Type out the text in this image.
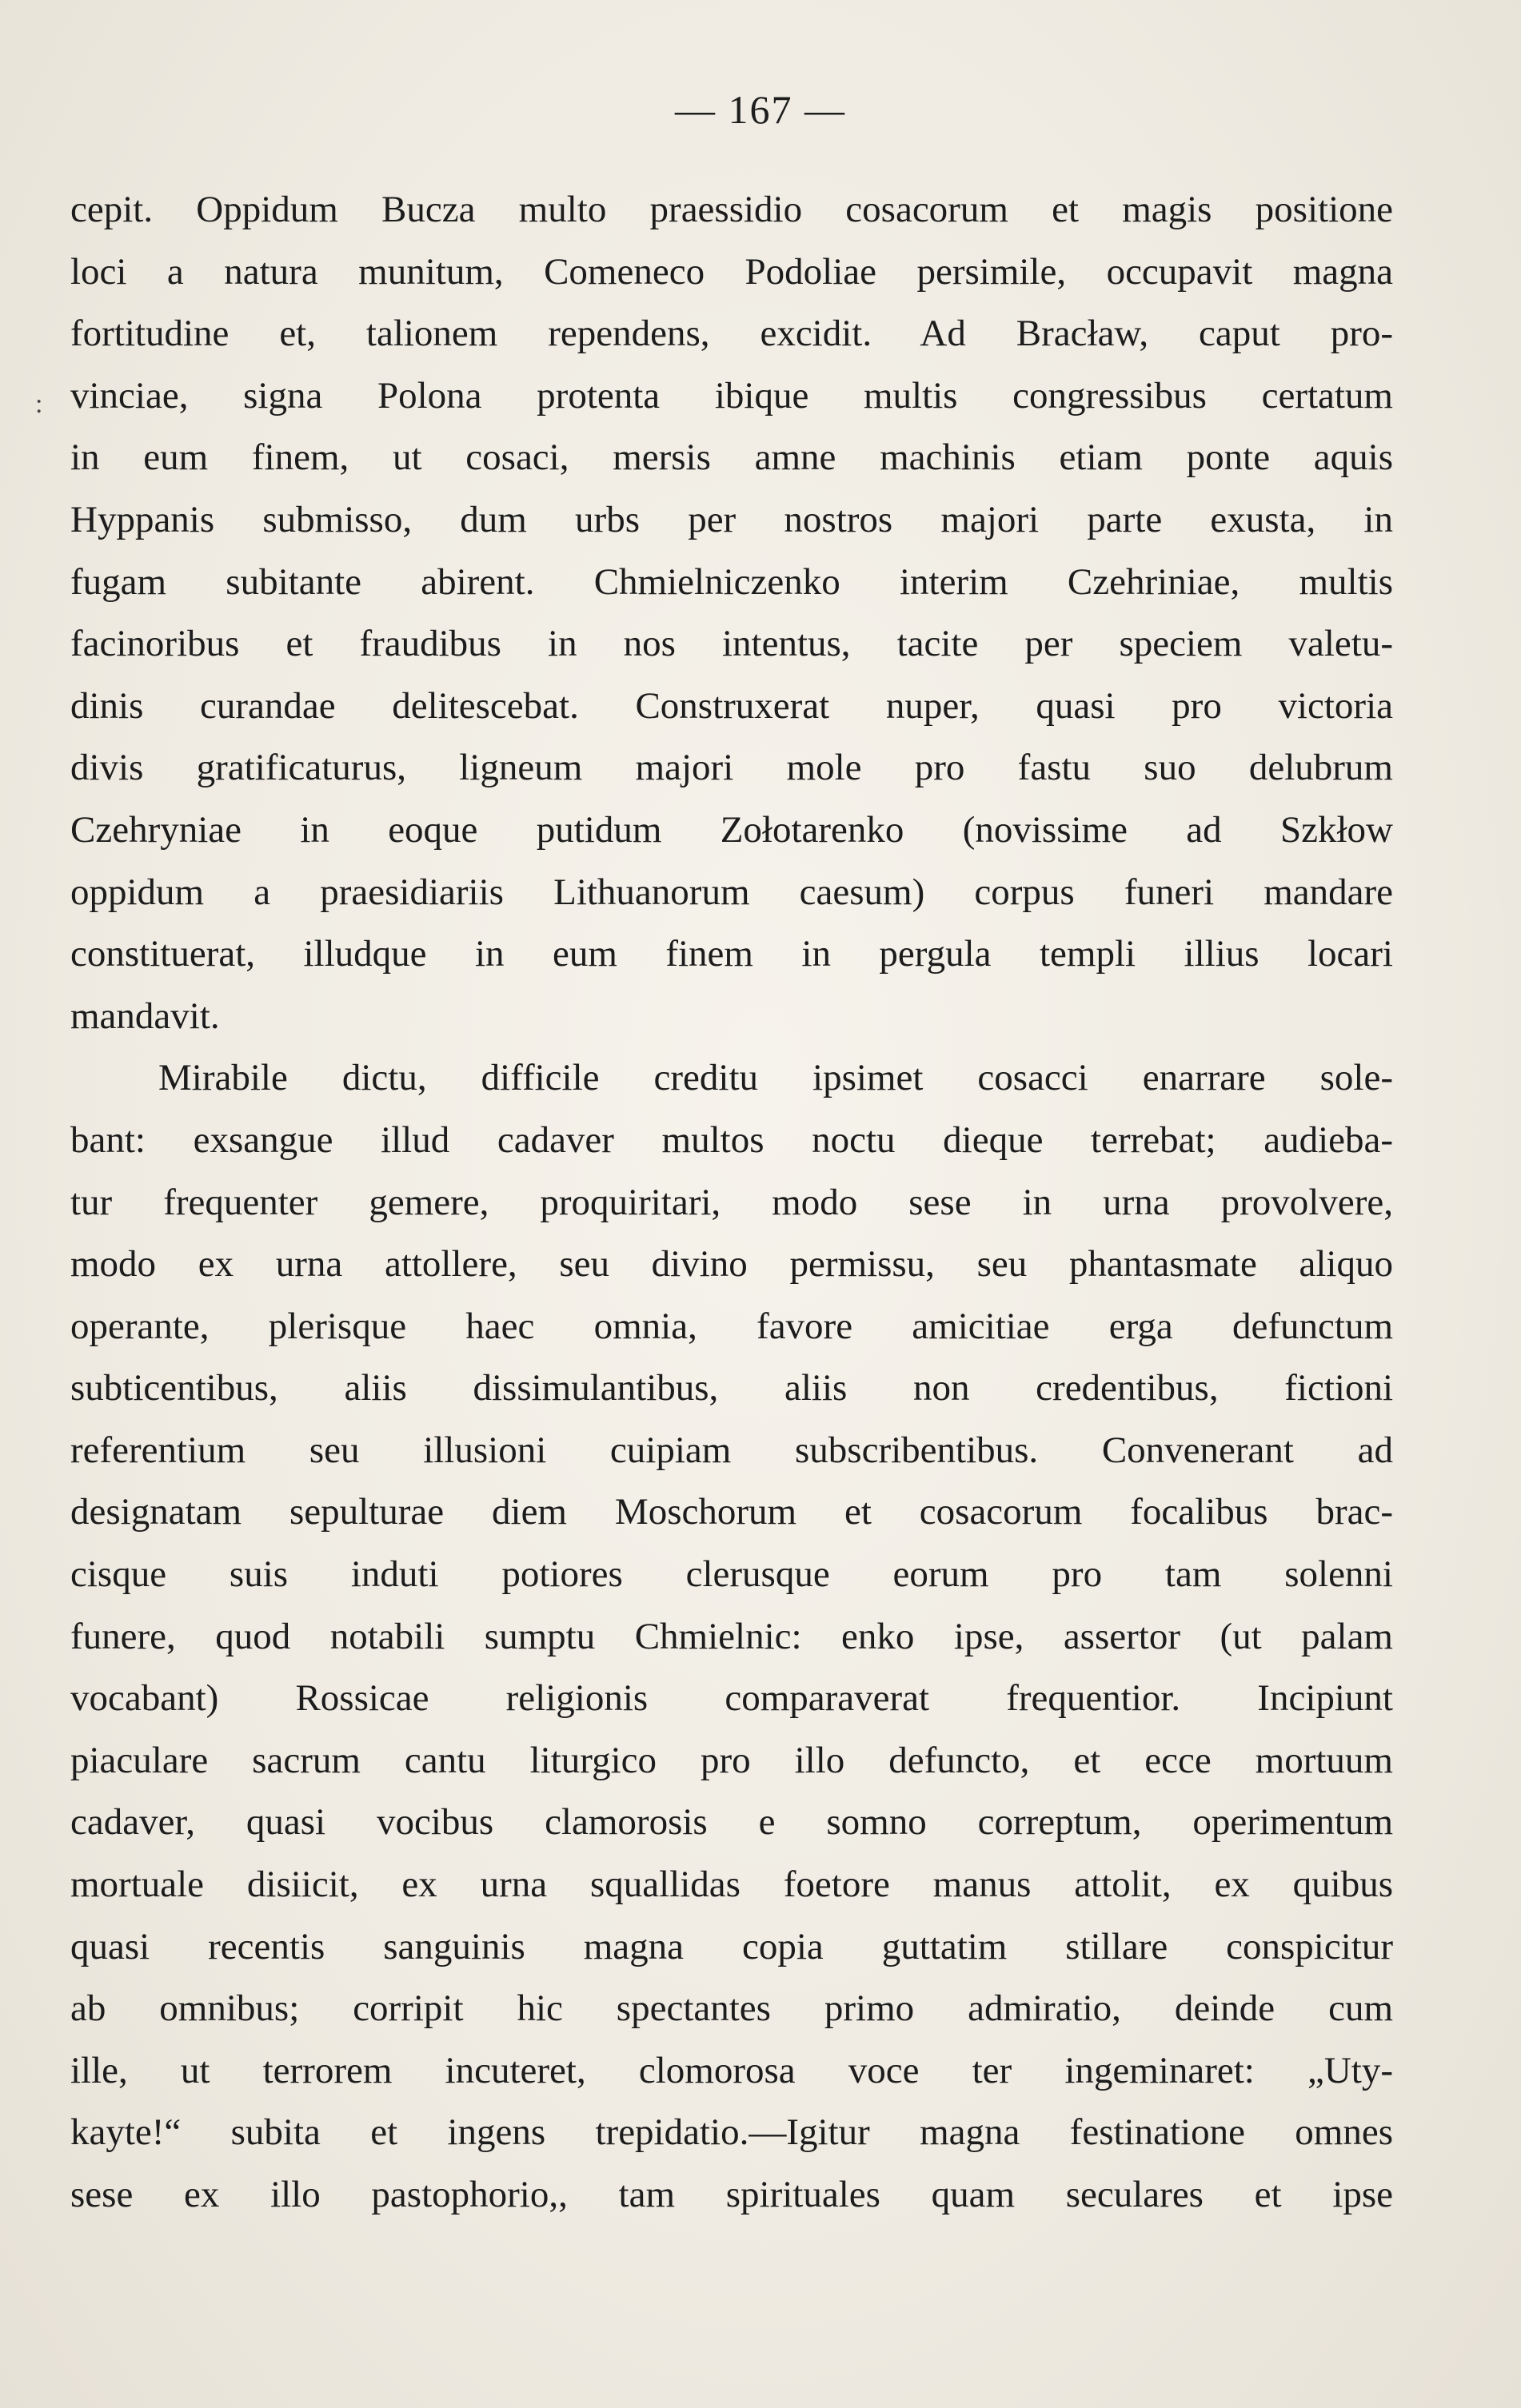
— 167 —
:
cepit. Oppidum Bucza multo praessidio cosacorum et magis positione
loci a natura munitum, Comeneco Podoliae persimile, occupavit magna
fortitudine et, talionem rependens, excidit. Ad Bracław, caput pro-
vinciae, signa Polona protenta ibique multis congressibus certatum
in eum finem, ut cosaci, mersis amne machinis etiam ponte aquis
Hyppanis submisso, dum urbs per nostros majori parte exusta, in
fugam subitante abirent. Chmielniczenko interim Czehriniae, multis
facinoribus et fraudibus in nos intentus, tacite per speciem valetu-
dinis curandae delitescebat. Construxerat nuper, quasi pro victoria
divis gratificaturus, ligneum majori mole pro fastu suo delubrum
Czehryniae in eoque putidum Zołotarenko (novissime ad Szkłow
oppidum a praesidiariis Lithuanorum caesum) corpus funeri mandare
constituerat, illudque in eum finem in pergula templi illius locari
mandavit.
Mirabile dictu, difficile creditu ipsimet cosacci enarrare sole-
bant: exsangue illud cadaver multos noctu dieque terrebat; audieba-
tur frequenter gemere, proquiritari, modo sese in urna provolvere,
modo ex urna attollere, seu divino permissu, seu phantasmate aliquo
operante, plerisque haec omnia, favore amicitiae erga defunctum
subticentibus, aliis dissimulantibus, aliis non credentibus, fictioni
referentium seu illusioni cuipiam subscribentibus. Convenerant ad
designatam sepulturae diem Moschorum et cosacorum focalibus brac-
cisque suis induti potiores clerusque eorum pro tam solenni
funere, quod notabili sumptu Chmielnic: enko ipse, assertor (ut palam
vocabant) Rossicae religionis comparaverat frequentior. Incipiunt
piaculare sacrum cantu liturgico pro illo defuncto, et ecce mortuum
cadaver, quasi vocibus clamorosis e somno correptum, operimentum
mortuale disiicit, ex urna squallidas foetore manus attolit, ex quibus
quasi recentis sanguinis magna copia guttatim stillare conspicitur
ab omnibus; corripit hic spectantes primo admiratio, deinde cum
ille, ut terrorem incuteret, clomorosa voce ter ingeminaret: „Uty-
kayte!“ subita et ingens trepidatio.—Igitur magna festinatione omnes
sese ex illo pastophorio,, tam spirituales quam seculares et ipse
